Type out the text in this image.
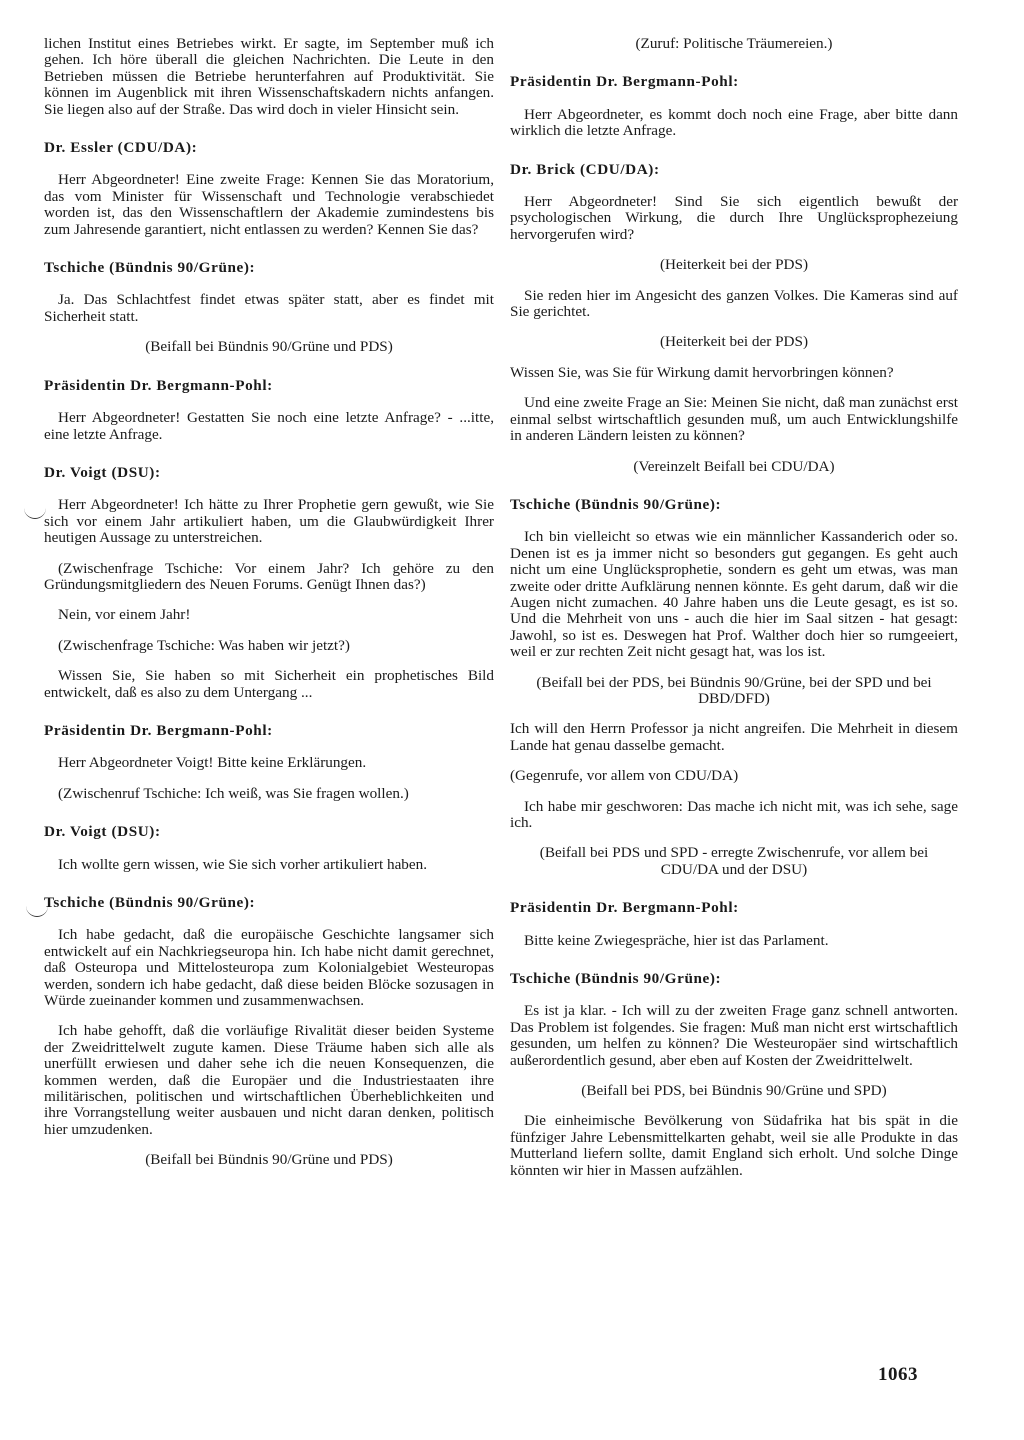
lichen Institut eines Betriebes wirkt. Er sagte, im September muß ich gehen. Ich höre überall die gleichen Nachrichten. Die Leute in den Betrieben müssen die Betriebe herunterfahren auf Produktivität. Sie können im Augenblick mit ihren Wissenschaftskadern nichts anfangen. Sie liegen also auf der Straße. Das wird doch in vieler Hinsicht sein.

Dr. Essler (CDU/DA):

Herr Abgeordneter! Eine zweite Frage: Kennen Sie das Moratorium, das vom Minister für Wissenschaft und Technologie verabschiedet worden ist, das den Wissenschaftlern der Akademie zumindestens bis zum Jahresende garantiert, nicht entlassen zu werden? Kennen Sie das?

Tschiche (Bündnis 90/Grüne):

Ja. Das Schlachtfest findet etwas später statt, aber es findet mit Sicherheit statt.

(Beifall bei Bündnis 90/Grüne und PDS)
Präsidentin Dr. Bergmann-Pohl:

Herr Abgeordneter! Gestatten Sie noch eine letzte Anfrage? - ...itte, eine letzte Anfrage.

Dr. Voigt (DSU):

Herr Abgeordneter! Ich hätte zu Ihrer Prophetie gern gewußt, wie Sie sich vor einem Jahr artikuliert haben, um die Glaubwürdigkeit Ihrer heutigen Aussage zu unterstreichen.

(Zwischenfrage Tschiche: Vor einem Jahr? Ich gehöre zu den Gründungsmitgliedern des Neuen Forums. Genügt Ihnen das?)

Nein, vor einem Jahr!

(Zwischenfrage Tschiche: Was haben wir jetzt?)

Wissen Sie, Sie haben so mit Sicherheit ein prophetisches Bild entwickelt, daß es also zu dem Untergang ...

Präsidentin Dr. Bergmann-Pohl:

Herr Abgeordneter Voigt! Bitte keine Erklärungen.

(Zwischenruf Tschiche: Ich weiß, was Sie fragen wollen.)

Dr. Voigt (DSU):

Ich wollte gern wissen, wie Sie sich vorher artikuliert haben.

Tschiche (Bündnis 90/Grüne):

Ich habe gedacht, daß die europäische Geschichte langsamer sich entwickelt auf ein Nachkriegseuropa hin. Ich habe nicht damit gerechnet, daß Osteuropa und Mittelosteuropa zum Kolonialgebiet Westeuropas werden, sondern ich habe gedacht, daß diese beiden Blöcke sozusagen in Würde zueinander kommen und zusammenwachsen.

Ich habe gehofft, daß die vorläufige Rivalität dieser beiden Systeme der Zweidrittelwelt zugute kamen. Diese Träume haben sich alle als unerfüllt erwiesen und daher sehe ich die neuen Konsequenzen, die kommen werden, daß die Europäer und die Industriestaaten ihre militärischen, politischen und wirtschaftlichen Überheblichkeiten und ihre Vorrangstellung weiter ausbauen und nicht daran denken, politisch hier umzudenken.

(Beifall bei Bündnis 90/Grüne und PDS)
(Zuruf: Politische Träumereien.)
Präsidentin Dr. Bergmann-Pohl:

Herr Abgeordneter, es kommt doch noch eine Frage, aber bitte dann wirklich die letzte Anfrage.

Dr. Brick (CDU/DA):

Herr Abgeordneter! Sind Sie sich eigentlich bewußt der psychologischen Wirkung, die durch Ihre Unglücksprophezeiung hervorgerufen wird?

(Heiterkeit bei der PDS)

Sie reden hier im Angesicht des ganzen Volkes. Die Kameras sind auf Sie gerichtet.

(Heiterkeit bei der PDS)

Wissen Sie, was Sie für Wirkung damit hervorbringen können?

Und eine zweite Frage an Sie: Meinen Sie nicht, daß man zunächst erst einmal selbst wirtschaftlich gesunden muß, um auch Entwicklungshilfe in anderen Ländern leisten zu können?

(Vereinzelt Beifall bei CDU/DA)
Tschiche (Bündnis 90/Grüne):

Ich bin vielleicht so etwas wie ein männlicher Kassanderich oder so. Denen ist es ja immer nicht so besonders gut gegangen. Es geht auch nicht um eine Unglücksprophetie, sondern es geht um etwas, was man zweite oder dritte Aufklärung nennen könnte. Es geht darum, daß wir die Augen nicht zumachen. 40 Jahre haben uns die Leute gesagt, es ist so. Und die Mehrheit von uns - auch die hier im Saal sitzen - hat gesagt: Jawohl, so ist es. Deswegen hat Prof. Walther doch hier so rumgeeiert, weil er zur rechten Zeit nicht gesagt hat, was los ist.

(Beifall bei der PDS, bei Bündnis 90/Grüne, bei der SPD und bei DBD/DFD)

Ich will den Herrn Professor ja nicht angreifen. Die Mehrheit in diesem Lande hat genau dasselbe gemacht.

(Gegenrufe, vor allem von CDU/DA)

Ich habe mir geschworen: Das mache ich nicht mit, was ich sehe, sage ich.

(Beifall bei PDS und SPD - erregte Zwischenrufe, vor allem bei CDU/DA und der DSU)
Präsidentin Dr. Bergmann-Pohl:

Bitte keine Zwiegespräche, hier ist das Parlament.

Tschiche (Bündnis 90/Grüne):

Es ist ja klar. - Ich will zu der zweiten Frage ganz schnell antworten. Das Problem ist folgendes. Sie fragen: Muß man nicht erst wirtschaftlich gesunden, um helfen zu können? Die Westeuropäer sind wirtschaftlich außerordentlich gesund, aber eben auf Kosten der Zweidrittelwelt.

(Beifall bei PDS, bei Bündnis 90/Grüne und SPD)

Die einheimische Bevölkerung von Südafrika hat bis spät in die fünfziger Jahre Lebensmittelkarten gehabt, weil sie alle Produkte in das Mutterland liefern sollte, damit England sich erholt. Und solche Dinge könnten wir hier in Massen aufzählen.

1063
